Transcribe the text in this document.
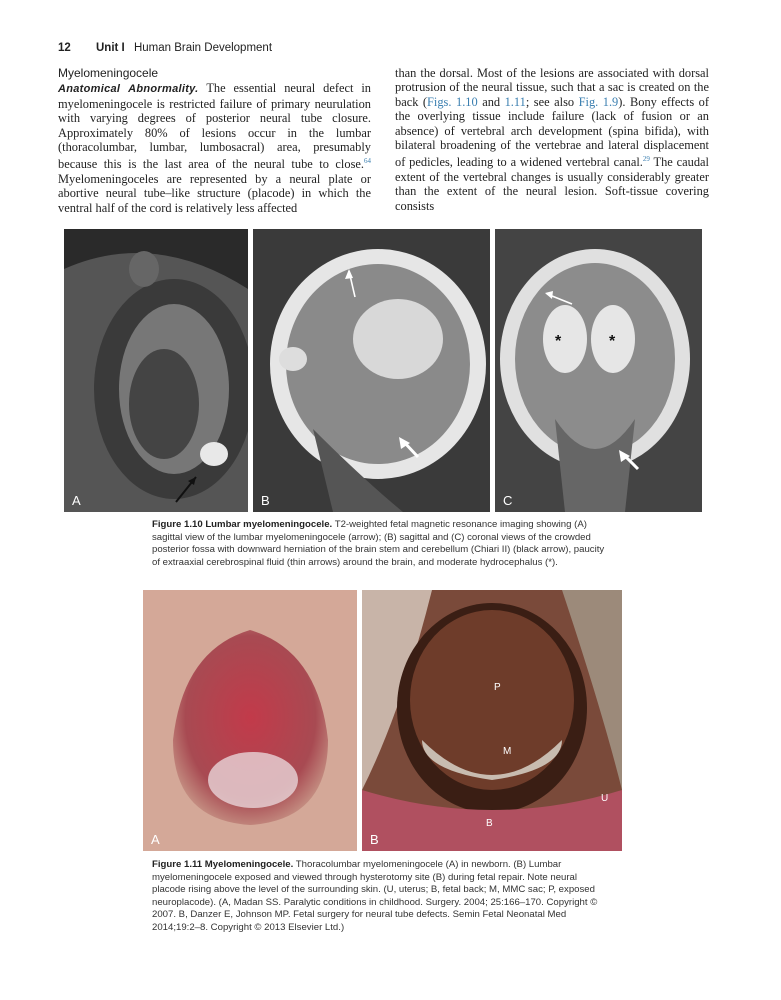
12 Unit I Human Brain Development
Myelomeningocele

Anatomical Abnormality. The essential neural defect in myelomeningocele is restricted failure of primary neurulation with varying degrees of posterior neural tube closure. Approximately 80% of lesions occur in the lumbar (thoracolumbar, lumbar, lumbosacral) area, presumably because this is the last area of the neural tube to close.$^{64}$ Myelomeningoceles are represented by a neural plate or abortive neural tube–like structure (placode) in which the ventral half of the cord is relatively less affected

than the dorsal. Most of the lesions are associated with dorsal protrusion of the neural tissue, such that a sac is created on the back (Figs. 1.10 and 1.11; see also Fig. 1.9). Bony effects of the overlying tissue include failure (lack of fusion or an absence) of vertebral arch development (spina bifida), with bilateral broadening of the vertebrae and lateral displacement of pedicles, leading to a widened vertebral canal.$^{29}$ The caudal extent of the vertebral changes is usually considerably greater than the extent of the neural lesion. Soft-tissue covering consists

A	B
*	*
C
Figure 1.10 Lumbar myelomeningocele. T2-weighted fetal magnetic resonance imaging showing (A) sagittal view of the lumbar myelomeningocele (arrow); (B) sagittal and (C) coronal views of the crowded posterior fossa with downward herniation of the brain stem and cerebellum (Chiari II) (black arrow), paucity of extraaxial cerebrospinal fluid (thin arrows) around the brain, and moderate hydrocephalus (*).
A
P
M
U
B
B
Figure 1.11 Myelomeningocele. Thoracolumbar myelomeningocele (A) in newborn. (B) Lumbar myelomeningocele exposed and viewed through hysterotomy site (B) during fetal repair. Note neural placode rising above the level of the surrounding skin. (U, uterus; B, fetal back; M, MMC sac; P, exposed neuroplacode). (A, Madan SS. Paralytic conditions in childhood. Surgery. 2004; 25:166–170. Copyright © 2007. B, Danzer E, Johnson MP. Fetal surgery for neural tube defects. Semin Fetal Neonatal Med 2014;19:2–8. Copyright © 2013 Elsevier Ltd.)
